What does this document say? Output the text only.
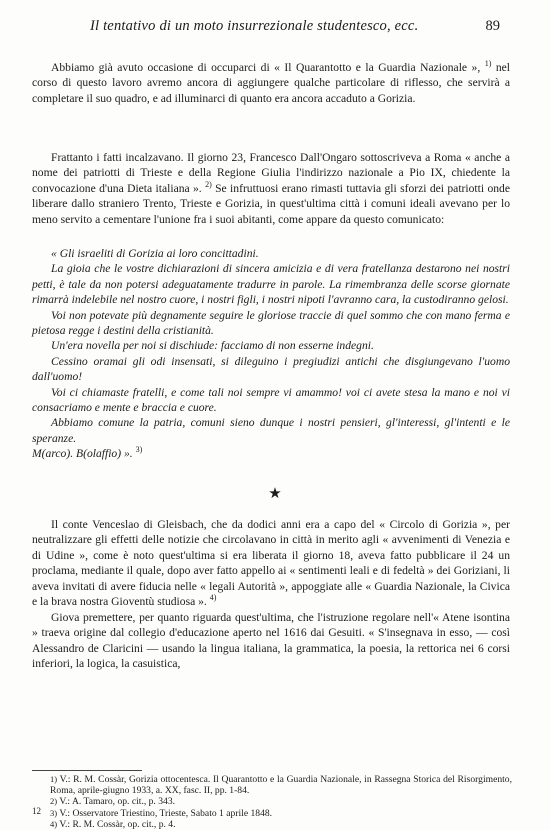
Il tentativo di un moto insurrezionale studentesco, ecc.	89

Abbiamo già avuto occasione di occuparci di « Il Quarantotto e la Guardia Nazionale », $^{1)}$ nel corso di questo lavoro avremo ancora di aggiungere qualche particolare di riflesso, che servirà a completare il suo quadro, e ad illuminarci di quanto era ancora accaduto a Gorizia.

Frattanto i fatti incalzavano. Il giorno 23, Francesco Dall'Ongaro sottoscriveva a Roma « anche a nome dei patriotti di Trieste e della Regione Giulia l'indirizzo nazionale a Pio IX, chiedente la convocazione d'una Dieta italiana ». $^{2)}$ Se infruttuosi erano rimasti tuttavia gli sforzi dei patriotti onde liberare dallo straniero Trento, Trieste e Gorizia, in quest'ultima città i comuni ideali avevano per lo meno servito a cementare l'unione fra i suoi abitanti, come appare da questo comunicato:

« Gli israeliti di Gorizia ai loro concittadini.

La gioia che le vostre dichiarazioni di sincera amicizia e di vera fratellanza destarono nei nostri petti, è tale da non potersi adeguatamente tradurre in parole. La rimembranza delle scorse giornate rimarrà indelebile nel nostro cuore, i nostri figli, i nostri nipoti l'avranno cara, la custodiranno gelosi.

Voi non potevate più degnamente seguire le gloriose traccie di quel sommo che con mano ferma e pietosa regge i destini della cristianità.

Un'era novella per noi si dischiude: facciamo di non esserne indegni.

Cessino oramai gli odi insensati, si dileguino i pregiudizi antichi che disgiungevano l'uomo dall'uomo!

Voi ci chiamaste fratelli, e come tali noi sempre vi amammo! voi ci avete stesa la mano e noi vi consacriamo e mente e braccia e cuore.

Abbiamo comune la patria, comuni sieno dunque i nostri pensieri, gl'interessi, gl'intenti e le speranze.

M(arco). B(olaffio) ». $^{3)}$

★

Il conte Venceslao di Gleisbach, che da dodici anni era a capo del « Circolo di Gorizia », per neutralizzare gli effetti delle notizie che circolavano in città in merito agli « avvenimenti di Venezia e di Udine », come è noto quest'ultima si era liberata il giorno 18, aveva fatto pubblicare il 24 un proclama, mediante il quale, dopo aver fatto appello ai « sentimenti leali e di fedeltà » dei Goriziani, li aveva invitati di avere fiducia nelle « legali Autorità », appoggiate alle « Guardia Nazionale, la Civica e la brava nostra Gioventù studiosa ». $^{4)}$

Giova premettere, per quanto riguarda quest'ultima, che l'istruzione regolare nell'« Atene isontina » traeva origine dal collegio d'educazione aperto nel 1616 dai Gesuiti. « S'insegnava in esso, — così Alessandro de Claricini — usando la lingua italiana, la grammatica, la poesia, la rettorica nei 6 corsi inferiori, la logica, la casuistica,

1) V.: R. M. Cossàr, Gorizia ottocentesca. Il Quarantotto e la Guardia Nazionale, in Rassegna Storica del Risorgimento, Roma, aprile-giugno 1933, a. XX, fasc. II, pp. 1-84.

2) V.: A. Tamaro, op. cit., p. 343.

3) V.: Osservatore Triestino, Trieste, Sabato 1 aprile 1848.

4) V.: R. M. Cossàr, op. cit., p. 4.

12
